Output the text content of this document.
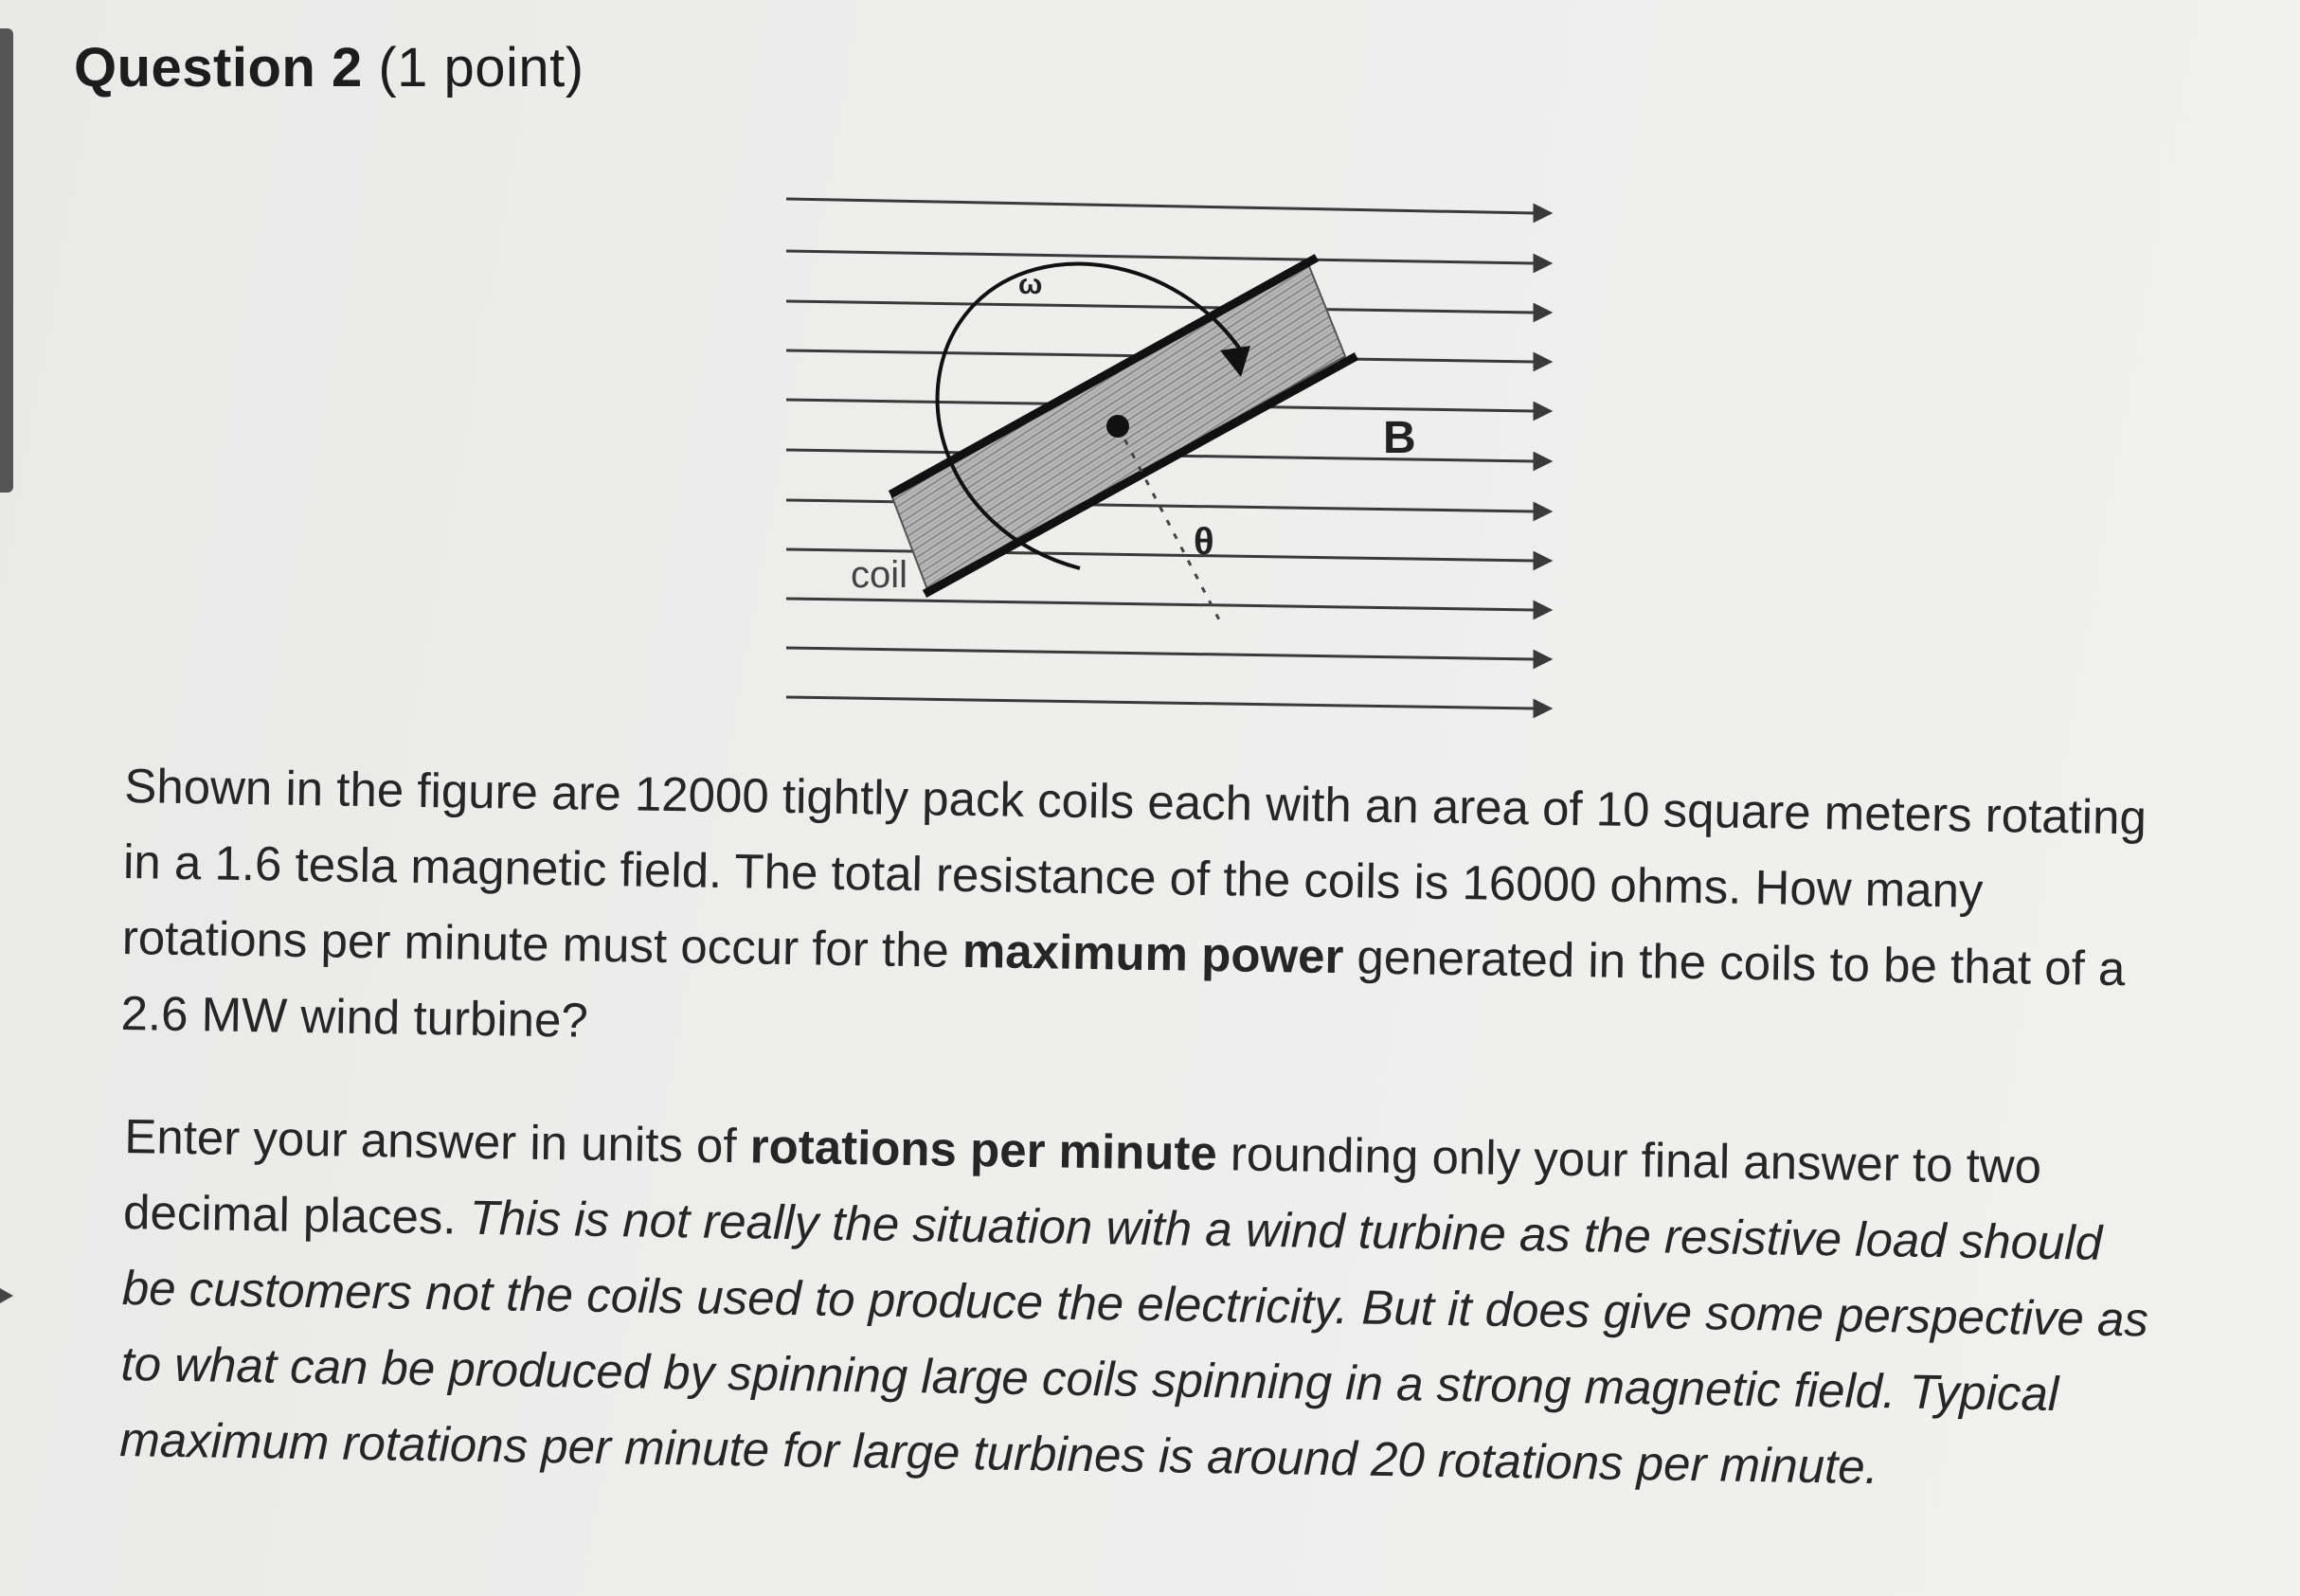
Question 2 (1 point)
ω
B
θ
coil
Shown in the figure are 12000 tightly pack coils each with an area of 10 square meters rotating in a 1.6 tesla magnetic field. The total resistance of the coils is 16000 ohms. How many rotations per minute must occur for the maximum power generated in the coils to be that of a 2.6 MW wind turbine?
Enter your answer in units of rotations per minute rounding only your final answer to two decimal places. This is not really the situation with a wind turbine as the resistive load should be customers not the coils used to produce the electricity. But it does give some perspective as to what can be produced by spinning large coils spinning in a strong magnetic field. Typical maximum rotations per minute for large turbines is around 20 rotations per minute.
